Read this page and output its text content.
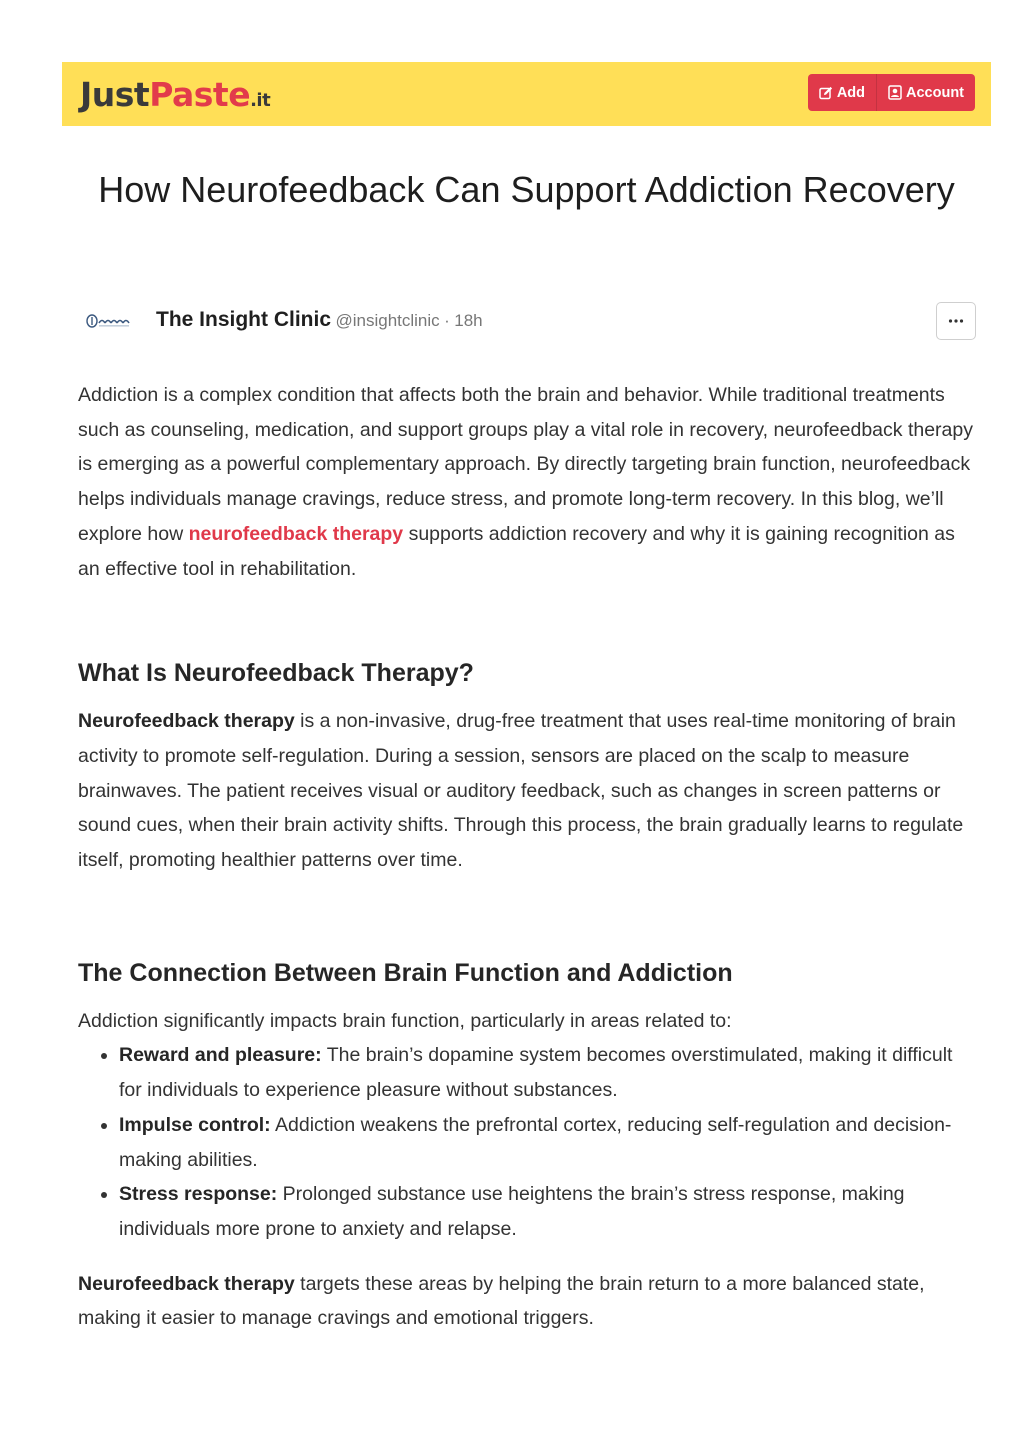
JustPaste.it	Add	Account
How Neurofeedback Can Support Addiction Recovery
The Insight Clinic @insightclinic · 18h

Addiction is a complex condition that affects both the brain and behavior. While traditional treatments such as counseling, medication, and support groups play a vital role in recovery, neurofeedback therapy is emerging as a powerful complementary approach. By directly targeting brain function, neurofeedback helps individuals manage cravings, reduce stress, and promote long-term recovery. In this blog, we’ll explore how neurofeedback therapy supports addiction recovery and why it is gaining recognition as an effective tool in rehabilitation.

What Is Neurofeedback Therapy?

Neurofeedback therapy is a non-invasive, drug-free treatment that uses real-time monitoring of brain activity to promote self-regulation. During a session, sensors are placed on the scalp to measure brainwaves. The patient receives visual or auditory feedback, such as changes in screen patterns or sound cues, when their brain activity shifts. Through this process, the brain gradually learns to regulate itself, promoting healthier patterns over time.

The Connection Between Brain Function and Addiction

Addiction significantly impacts brain function, particularly in areas related to:

• Reward and pleasure: The brain’s dopamine system becomes overstimulated, making it difficult for individuals to experience pleasure without substances.
• Impulse control: Addiction weakens the prefrontal cortex, reducing self-regulation and decision-making abilities.
• Stress response: Prolonged substance use heightens the brain’s stress response, making individuals more prone to anxiety and relapse.

Neurofeedback therapy targets these areas by helping the brain return to a more balanced state, making it easier to manage cravings and emotional triggers.
